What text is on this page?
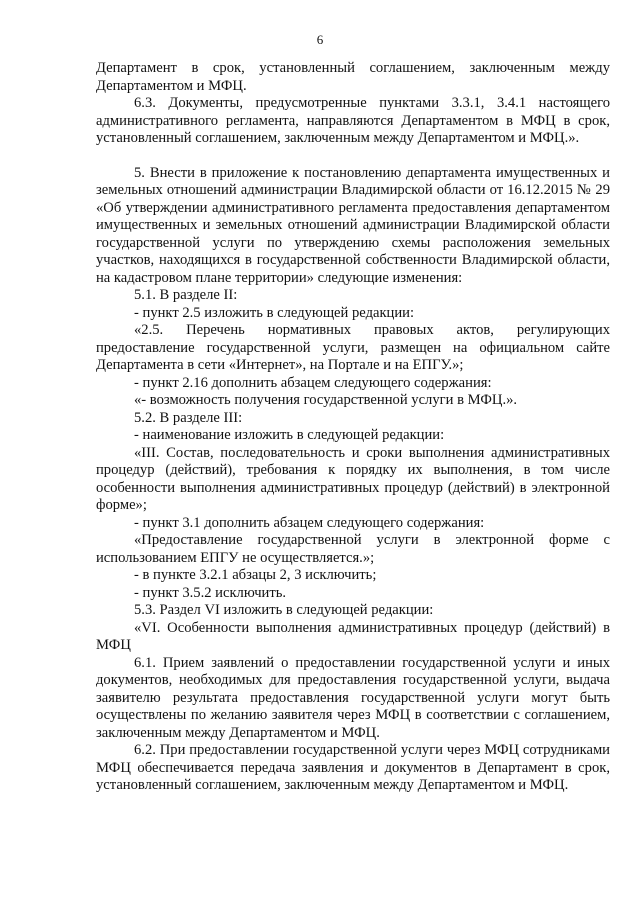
6

Департамент в срок, установленный соглашением, заключенным между Департаментом и МФЦ.

6.3. Документы, предусмотренные пунктами 3.3.1, 3.4.1 настоящего административного регламента, направляются Департаментом в МФЦ в срок, установленный соглашением, заключенным между Департаментом и МФЦ.».

5. Внести в приложение к постановлению департамента имущественных и земельных отношений администрации Владимирской области от 16.12.2015 № 29 «Об утверждении административного регламента предоставления департаментом имущественных и земельных отношений администрации Владимирской области государственной услуги по утверждению схемы расположения земельных участков, находящихся в государственной собственности Владимирской области, на кадастровом плане территории» следующие изменения:

5.1. В разделе II:

- пункт 2.5 изложить в следующей редакции:

«2.5. Перечень нормативных правовых актов, регулирующих предоставление государственной услуги, размещен на официальном сайте Департамента в сети «Интернет», на Портале и на ЕПГУ.»;

- пункт 2.16 дополнить абзацем следующего содержания:

«- возможность получения государственной услуги в МФЦ.».

5.2. В разделе III:

- наименование изложить в следующей редакции:

«III. Состав, последовательность и сроки выполнения административных процедур (действий), требования к порядку их выполнения, в том числе особенности выполнения административных процедур (действий) в электронной форме»;

- пункт 3.1 дополнить абзацем следующего содержания:

«Предоставление государственной услуги в электронной форме с использованием ЕПГУ не осуществляется.»;

- в пункте 3.2.1 абзацы 2, 3 исключить;

- пункт 3.5.2 исключить.

5.3. Раздел VI изложить в следующей редакции:

«VI. Особенности выполнения административных процедур (действий) в МФЦ

6.1. Прием заявлений о предоставлении государственной услуги и иных документов, необходимых для предоставления государственной услуги, выдача заявителю результата предоставления государственной услуги могут быть осуществлены по желанию заявителя через МФЦ в соответствии с соглашением, заключенным между Департаментом и МФЦ.

6.2. При предоставлении государственной услуги через МФЦ сотрудниками МФЦ обеспечивается передача заявления и документов в Департамент в срок, установленный соглашением, заключенным между Департаментом и МФЦ.
